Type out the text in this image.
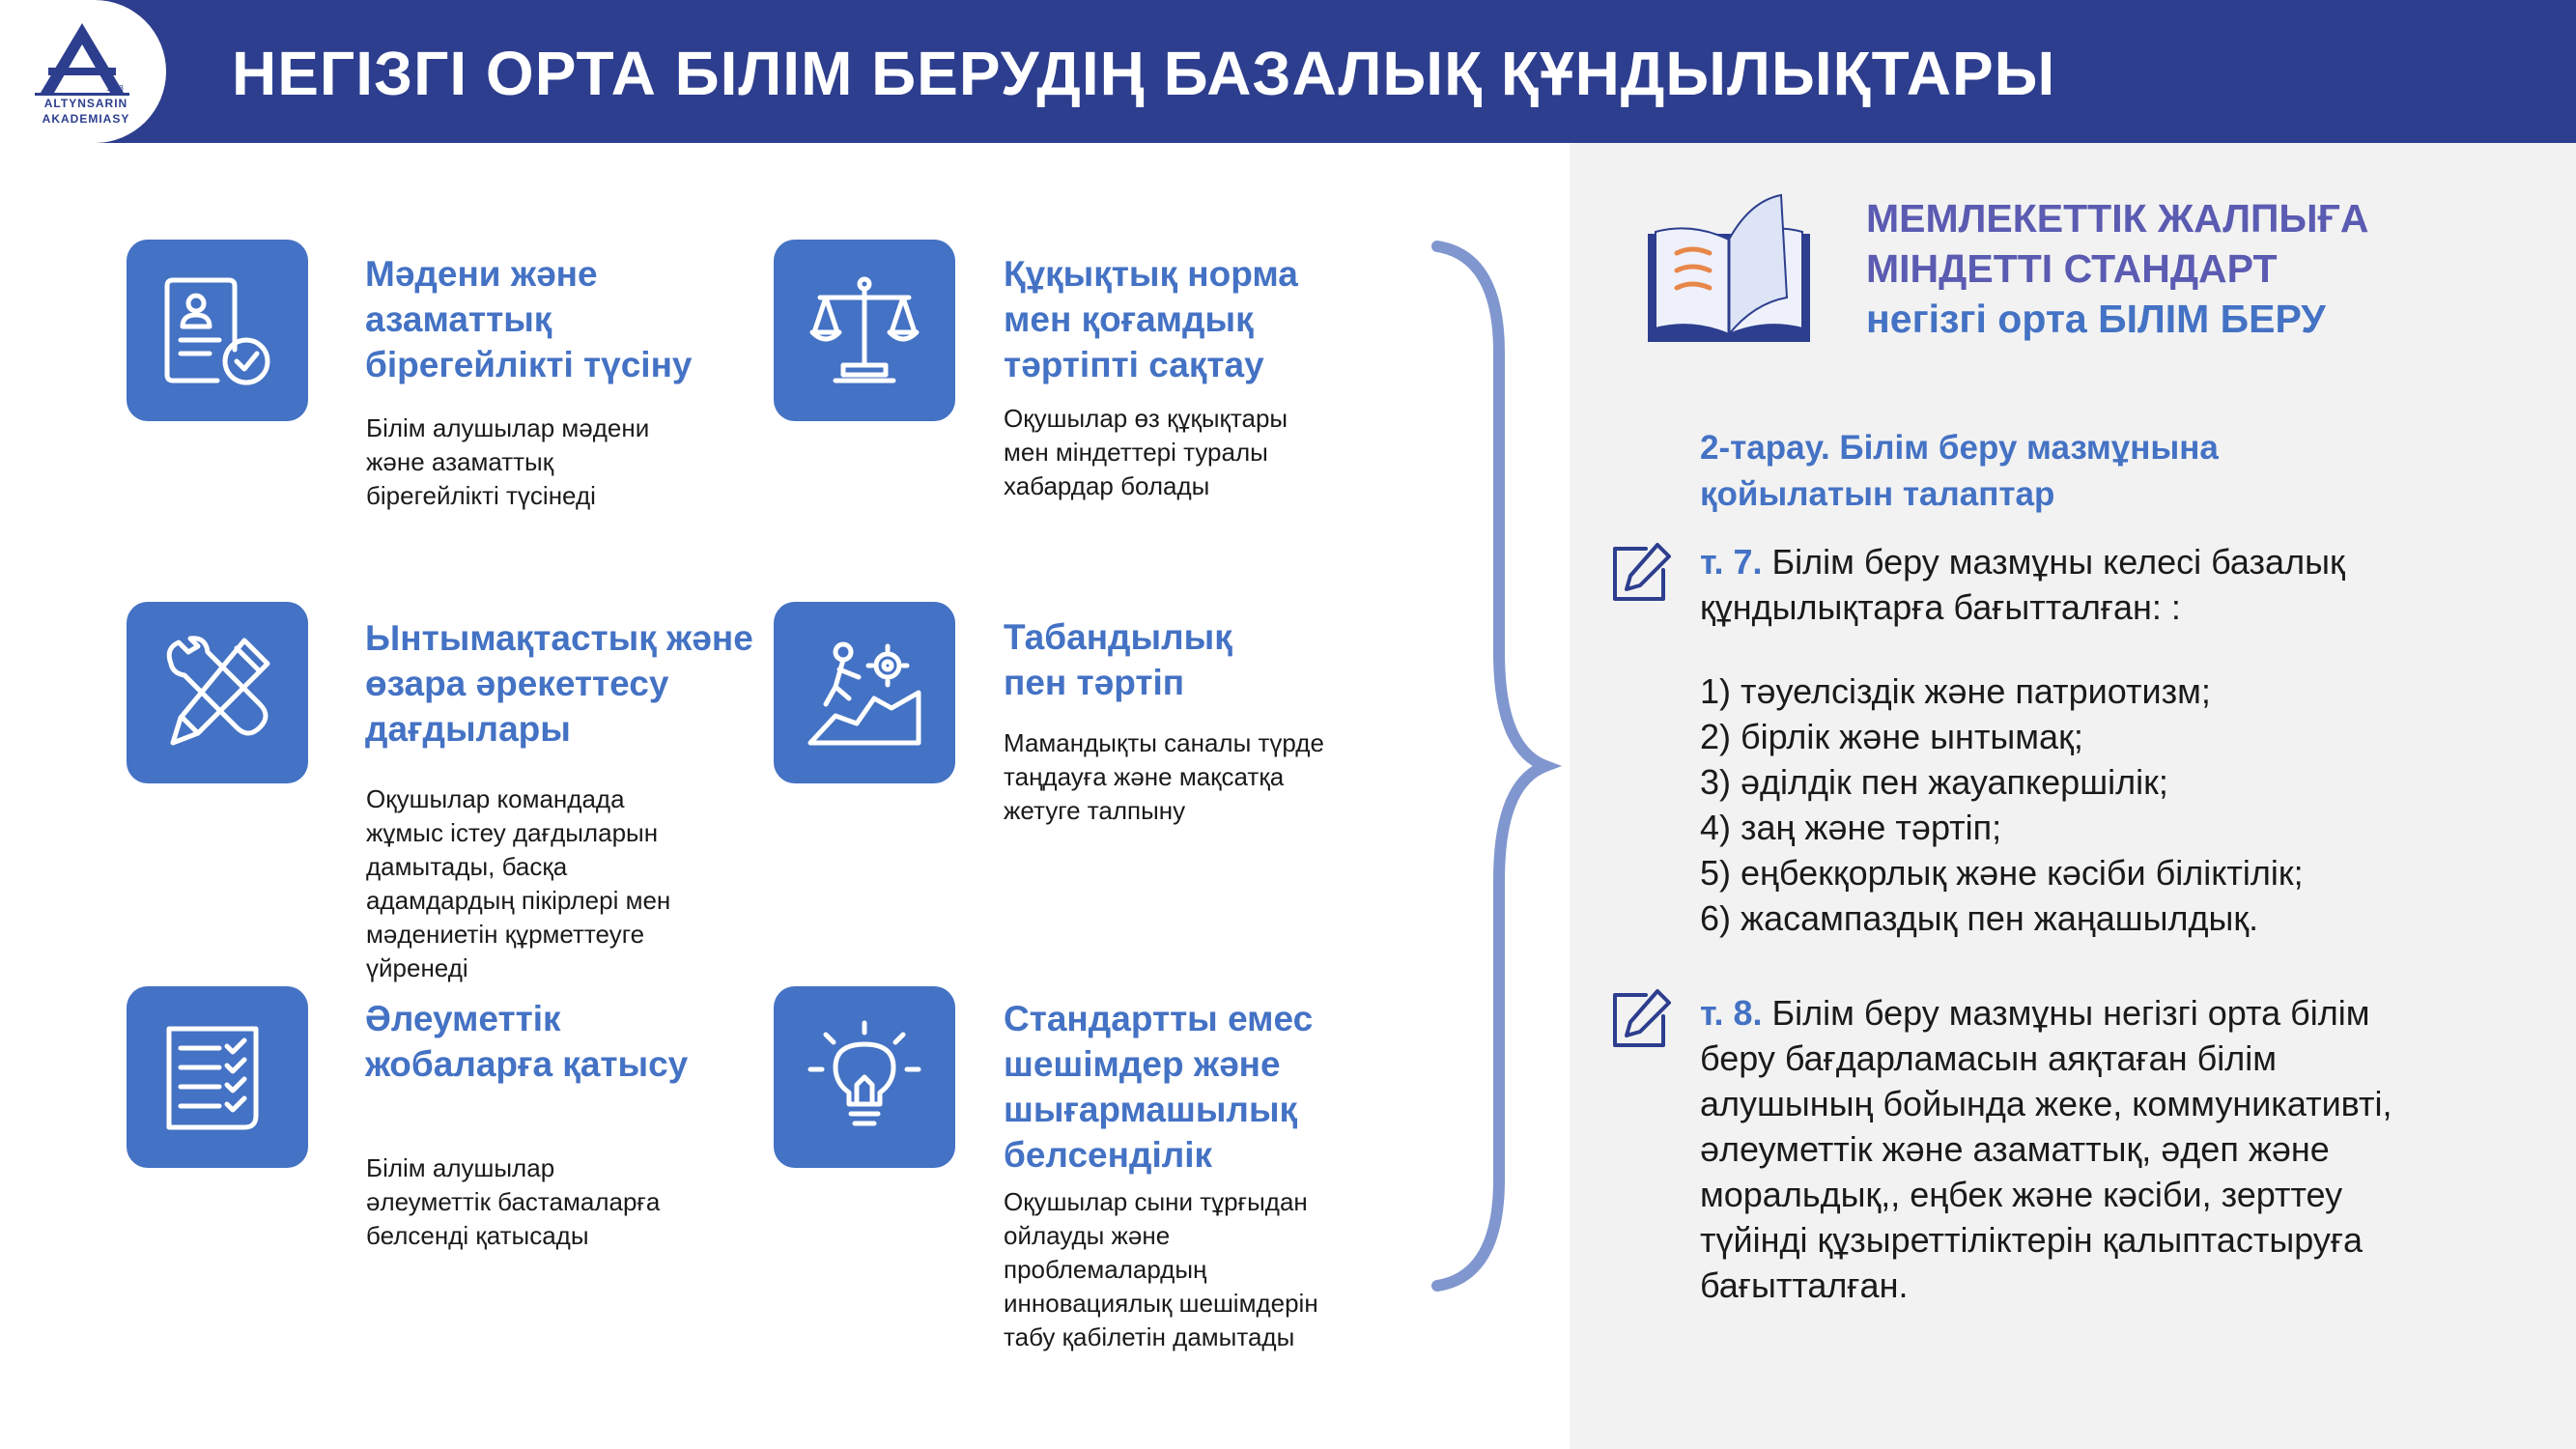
1903
ALTYNSARIN
AKADEMIASY
НЕГІЗГІ ОРТА БІЛІМ БЕРУДІҢ БАЗАЛЫҚ ҚҰНДЫЛЫҚТАРЫ
Мәдени және
азаматтық
бірегейлікті түсіну

Білім алушылар мәдени
және азаматтық
бірегейлікті түсінеді

Құқықтық норма
мен қоғамдық
тәртіпті сақтау

Оқушылар өз құқықтары
мен міндеттері туралы
хабардар болады

Ынтымақтастық және
өзара әрекеттесу
дағдылары

Оқушылар командада
жұмыс істеу дағдыларын
дамытады, басқа
адамдардың пікірлері мен
мәдениетін құрметтеуге
үйренеді

Табандылық
пен тәртіп

Мамандықты саналы түрде
таңдауға және мақсатқа
жетуге талпыну

Әлеуметтік
жобаларға қатысу

Білім алушылар
әлеуметтік бастамаларға
белсенді қатысады

Стандартты емес
шешімдер және
шығармашылық
белсенділік

Оқушылар сыни тұрғыдан
ойлауды және
проблемалардың
инновациялық шешімдерін
табу қабілетін дамытады

МЕМЛЕКЕТТІК ЖАЛПЫҒА
МІНДЕТТІ СТАНДАРТ
негізгі орта БІЛІМ БЕРУ
2-тарау. Білім беру мазмұнына
қойылатын талаптар

т. 7. Білім беру мазмұны келесі базалық
құндылықтарға бағытталған: :

1) тәуелсіздік және патриотизм;
2) бірлік және ынтымақ;
3) әділдік пен жауапкершілік;
4) заң және тәртіп;
5) еңбекқорлық және кәсіби біліктілік;
6) жасампаздық пен жаңашылдық.

т. 8. Білім беру мазмұны негізгі орта білім
беру бағдарламасын аяқтаған білім
алушының бойында жеке, коммуникативті,
әлеуметтік және азаматтық, әдеп және
моральдық,, еңбек және кәсіби, зерттеу
түйінді құзыреттіліктерін қалыптастыруға
бағытталған.
